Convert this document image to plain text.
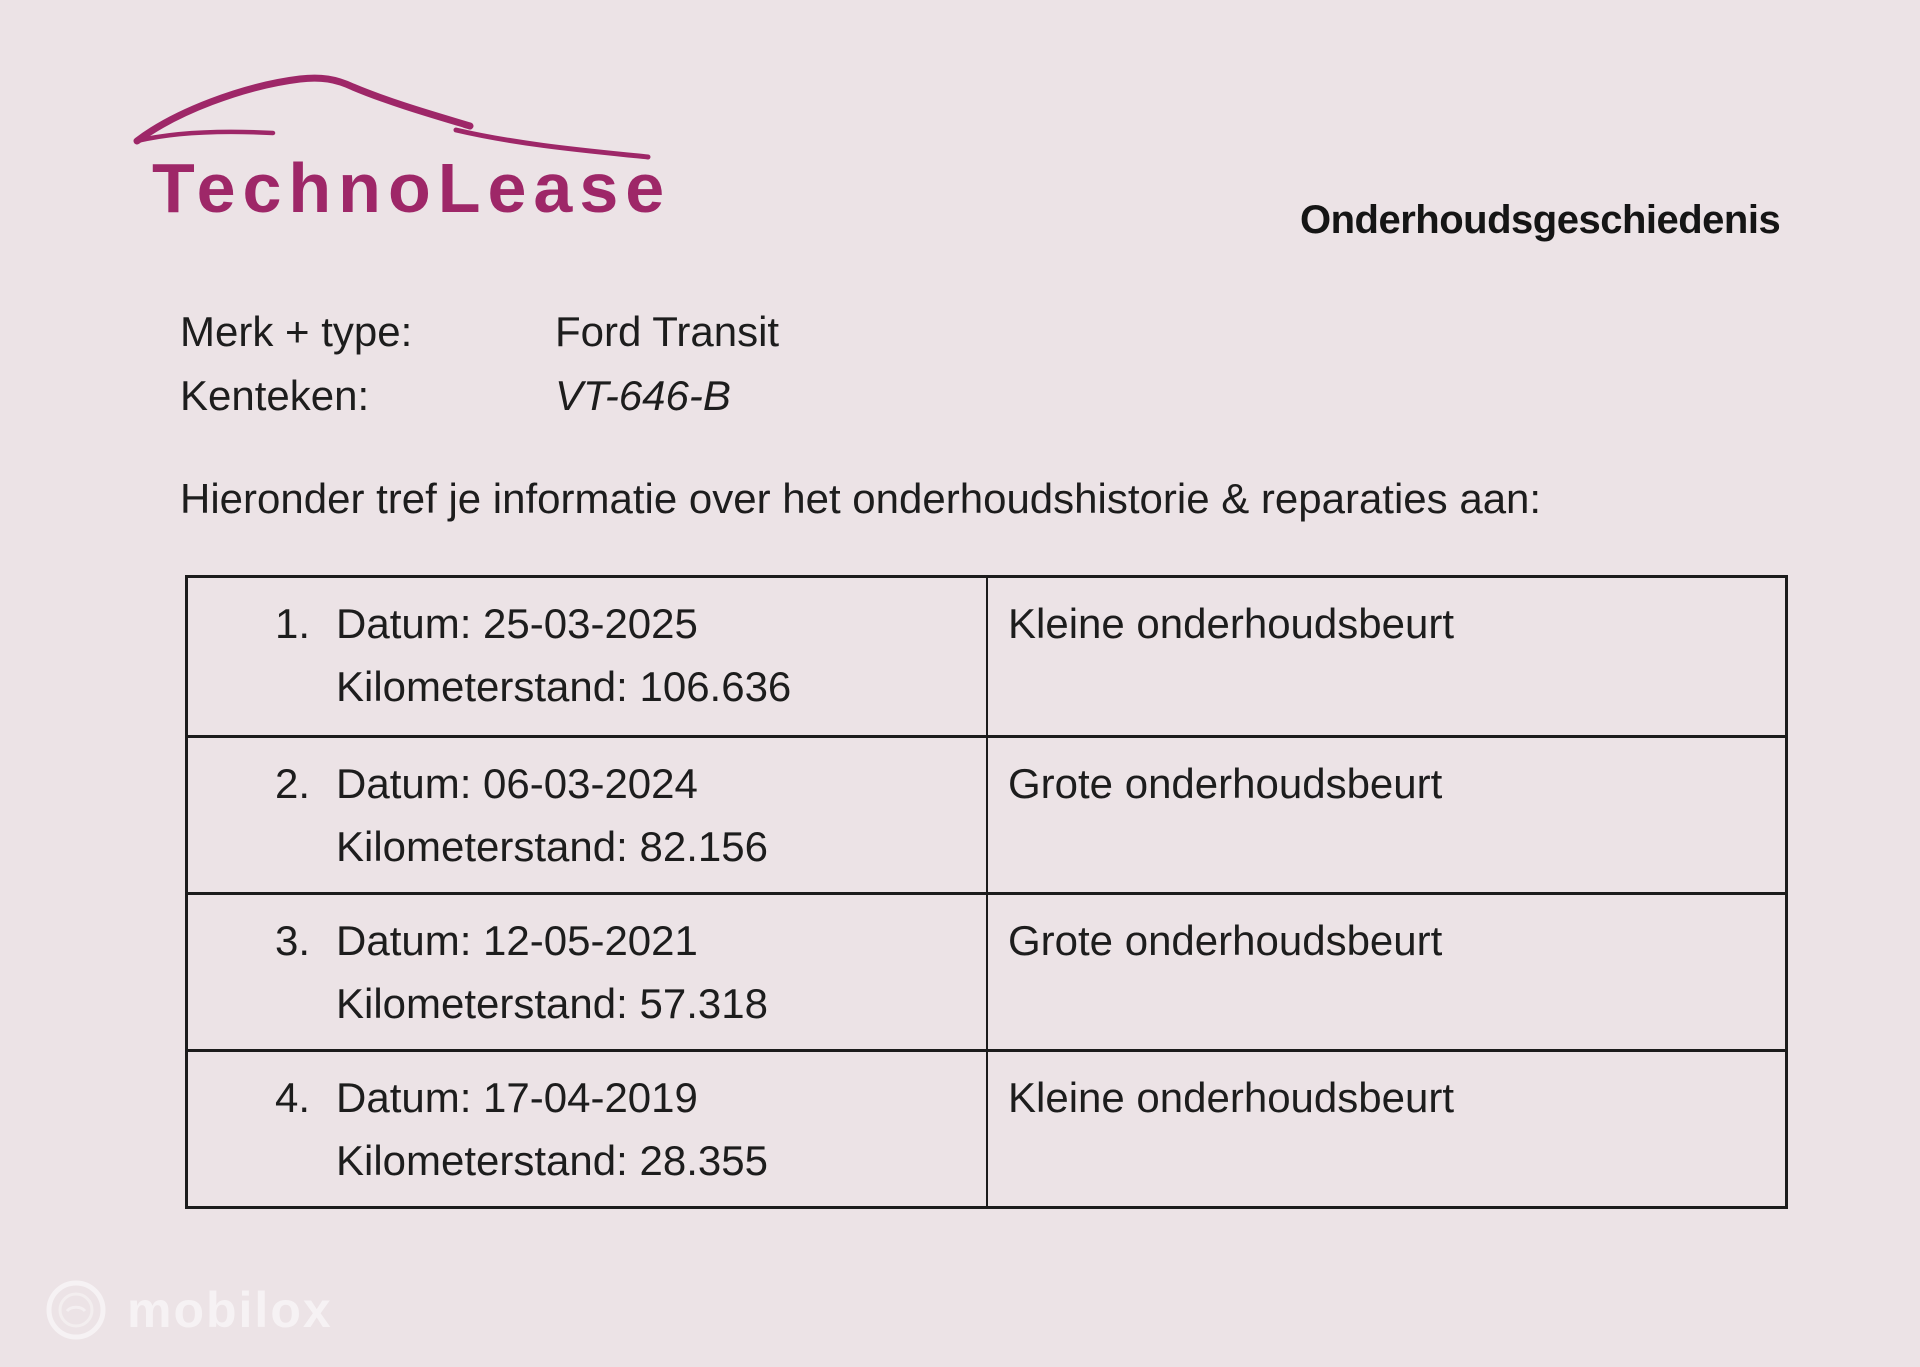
TechnoLease	Onderhoudsgeschiedenis
Merk + type:	Ford Transit
Kenteken:	VT-646-B
Hieronder tref je informatie over het onderhoudshistorie & reparaties aan:
1. Datum: 25-03-2025
Kilometerstand: 106.636
Kleine onderhoudsbeurt
2. Datum: 06-03-2024
Kilometerstand: 82.156
Grote onderhoudsbeurt
3. Datum: 12-05-2021
Kilometerstand: 57.318
Grote onderhoudsbeurt
4. Datum: 17-04-2019
Kilometerstand: 28.355
Kleine onderhoudsbeurt
mobilox
